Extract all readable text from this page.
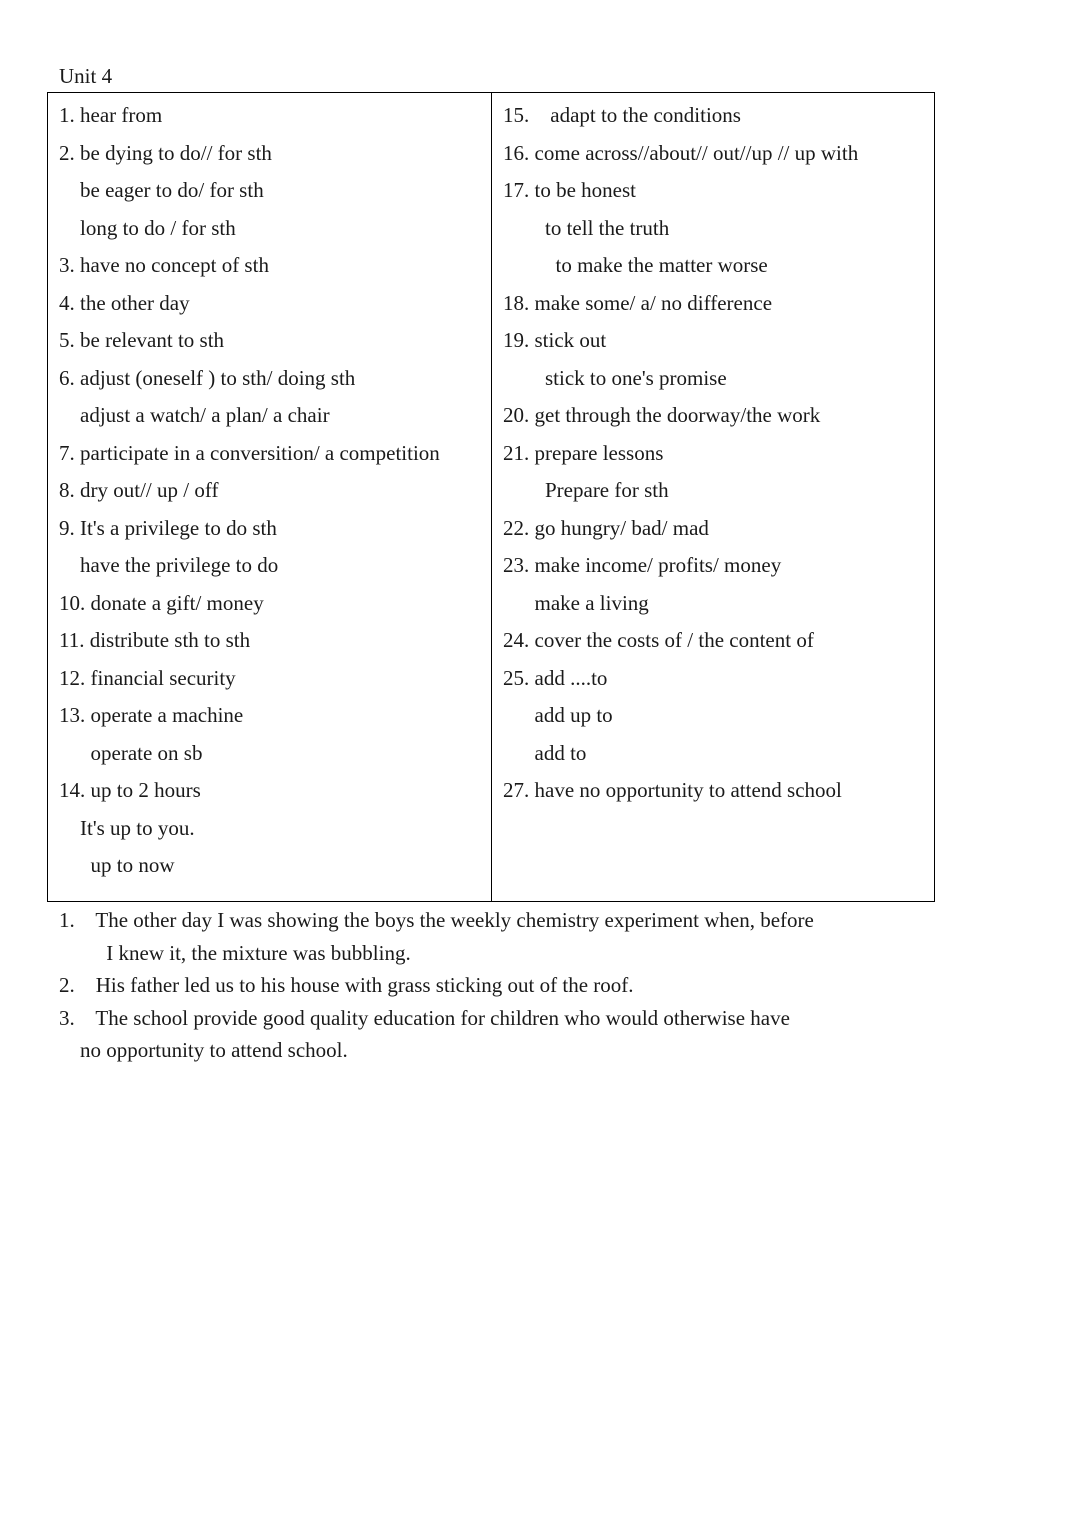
Unit 4
1. hear from
2. be dying to do// for sth
be eager to do/ for sth
long to do / for sth
3. have no concept of sth
4. the other day
5. be relevant to sth
6. adjust (oneself ) to sth/ doing sth
adjust a watch/ a plan/ a chair
7. participate in a conversition/ a competition
8. dry out// up / off
9. It's a privilege to do sth
have the privilege to do
10. donate a gift/ money
11. distribute sth to sth
12. financial security
13. operate a machine
operate on sb
14. up to 2 hours
It's up to you.
up to now
15.    adapt to the conditions
16. come across//about// out//up // up with
17. to be honest
to tell the truth
to make the matter worse
18. make some/ a/ no difference
19. stick out
stick to one's promise
20. get through the doorway/the work
21. prepare lessons
Prepare for sth
22. go hungry/ bad/ mad
23. make income/ profits/ money
make a living
24. cover the costs of / the content of
25. add ....to
add up to
add to
27. have no opportunity to attend school
1.    The other day I was showing the boys the weekly chemistry experiment when, before
I knew it, the mixture was bubbling.
2.    His father led us to his house with grass sticking out of the roof.
3.    The school provide good quality education for children who would otherwise have
no opportunity to attend school.
